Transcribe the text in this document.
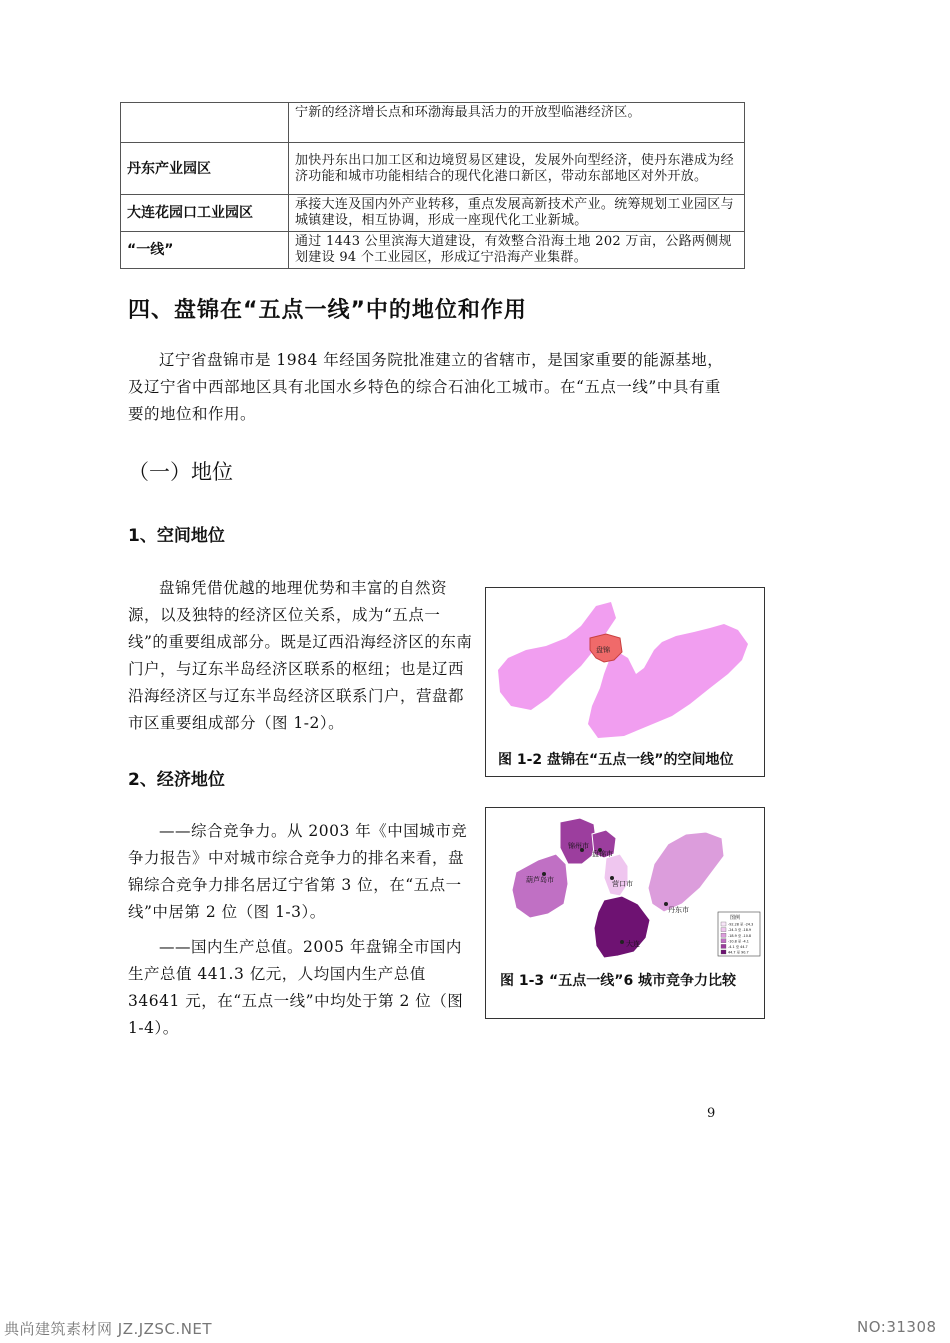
	宁新的经济增长点和环渤海最具活力的开放型临港经济区。
丹东产业园区	加快丹东出口加工区和边境贸易区建设，发展外向型经济，使丹东港成为经济功能和城市功能相结合的现代化港口新区，带动东部地区对外开放。
大连花园口工业园区	承接大连及国内外产业转移，重点发展高新技术产业。统筹规划工业园区与城镇建设，相互协调，形成一座现代化工业新城。
“一线”	通过 1443 公里滨海大道建设，有效整合沿海土地 202 万亩，公路两侧规划建设 94 个工业园区，形成辽宁沿海产业集群。
四、盘锦在“五点一线”中的地位和作用

辽宁省盘锦市是 1984 年经国务院批准建立的省辖市，是国家重要的能源基地，及辽宁省中西部地区具有北国水乡特色的综合石油化工城市。在“五点一线”中具有重要的地位和作用。

（一）地位
1、空间地位

盘锦凭借优越的地理优势和丰富的自然资源，以及独特的经济区位关系，成为“五点一线”的重要组成部分。既是辽西沿海经济区的东南门户，与辽东半岛经济区联系的枢纽；也是辽西沿海经济区与辽东半岛经济区联系门户，营盘都市区重要组成部分（图 1-2）。

2、经济地位

——综合竞争力。从 2003 年《中国城市竞争力报告》中对城市综合竞争力的排名来看，盘锦综合竞争力排名居辽宁省第 3 位，在“五点一线”中居第 2 位（图 1-3）。

——国内生产总值。2005 年盘锦全市国内生产总值 441.3 亿元，人均国内生产总值 34641 元，在“五点一线”中均处于第 2 位（图 1-4）。

盘锦
图 1-2 盘锦在“五点一线”的空间地位
锦州市
盘锦市
葫芦岛市	营口市
丹东市
大连
图例
-92.28 至 -24.3
-24.3 至 -18.9
-18.9 至 -10.8
-10.8 至 -4.1
-4.1 至 44.7
44.7 至 90.7
图 1-3 “五点一线”6 城市竞争力比较
9
典尚建筑素材网 JZ.JZSC.NET	NO:31308
